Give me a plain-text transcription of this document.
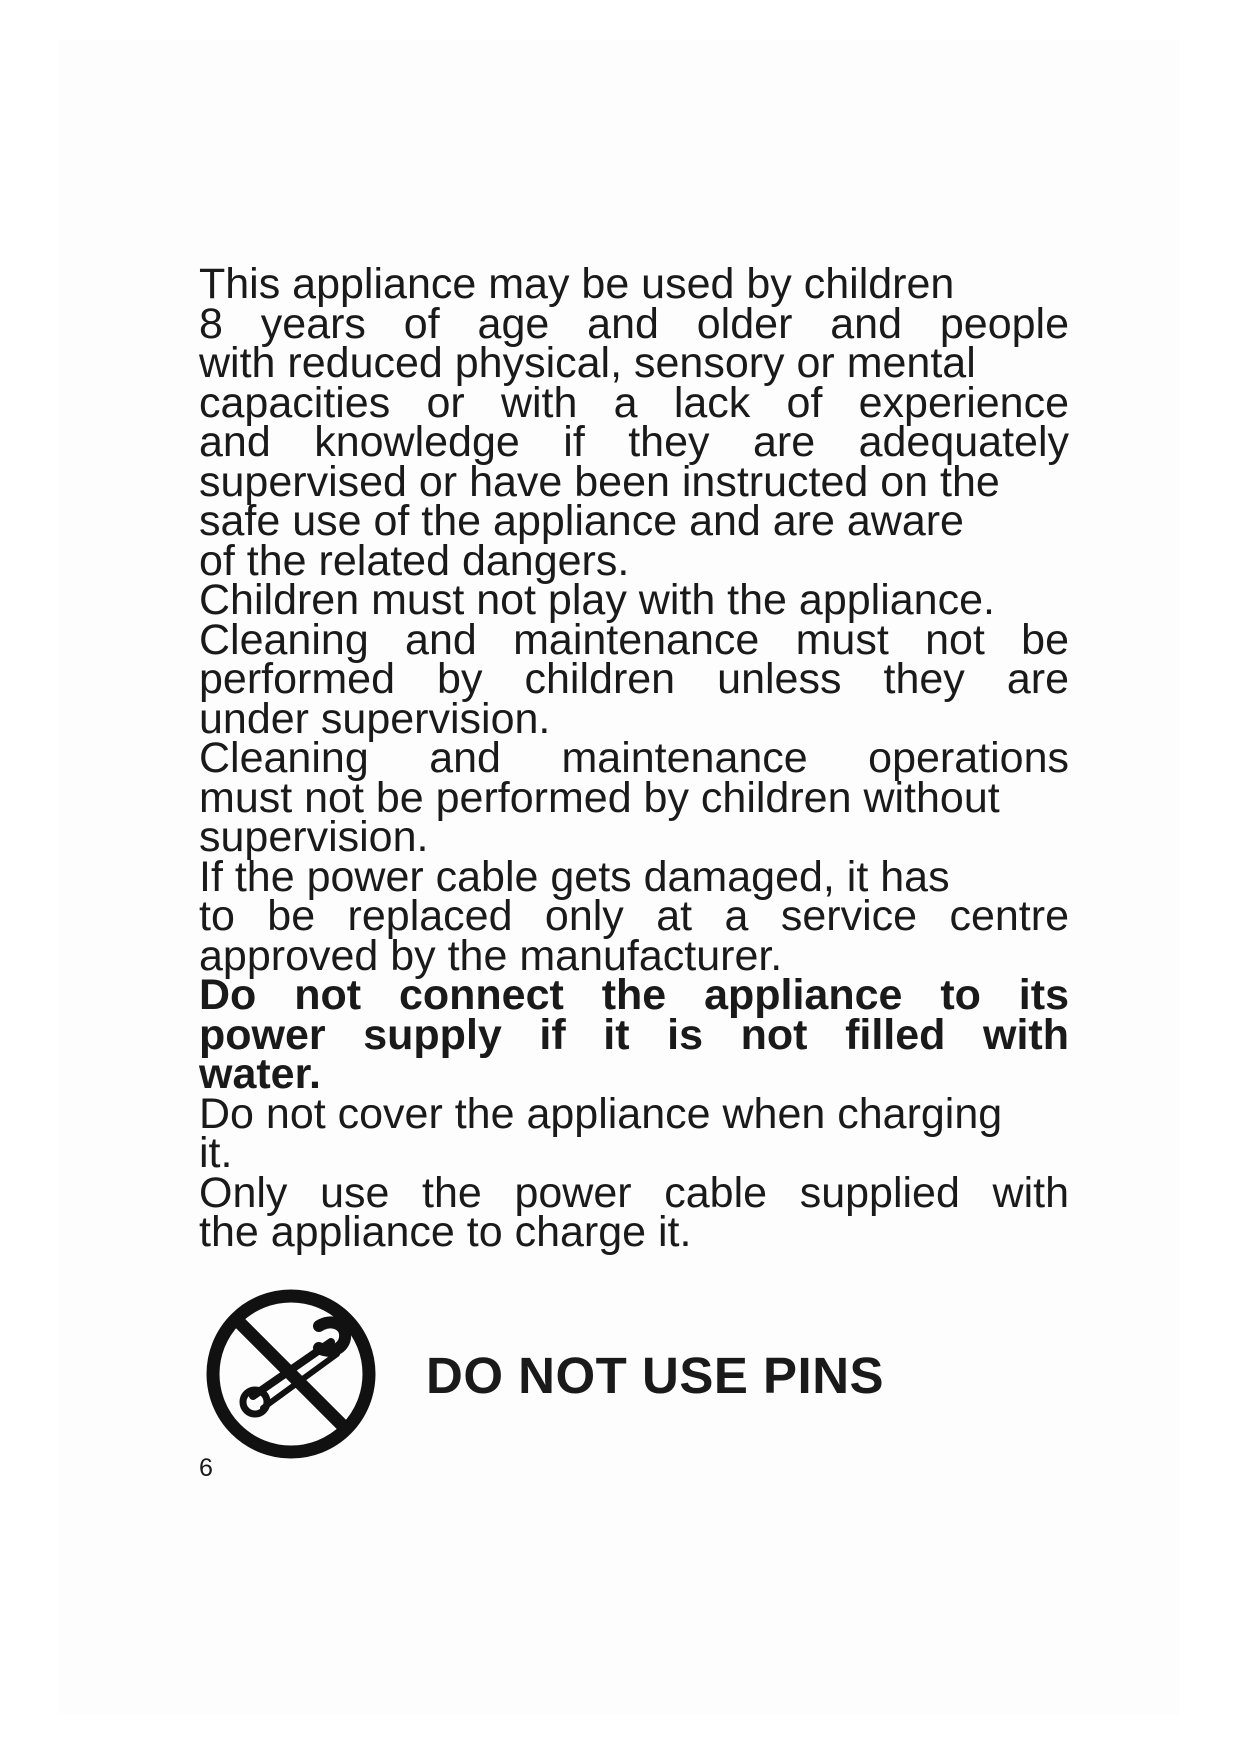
This appliance may be used by children
8 years of age and older and people
with reduced physical, sensory or mental
capacities or with a lack of experience
and knowledge if they are adequately
supervised or have been instructed on the
safe use of the appliance and are aware
of the related dangers.
Children must not play with the appliance.
Cleaning and maintenance must not be
performed by children unless they are
under supervision.
Cleaning and maintenance operations
must not be performed by children without
supervision.
If the power cable gets damaged, it has
to be replaced only at a service centre
approved by the manufacturer.
Do not connect the appliance to its
power supply if it is not filled with
water.
Do not cover the appliance when charging
it.
Only use the power cable supplied with
the appliance to charge it.
DO NOT USE PINS
6
